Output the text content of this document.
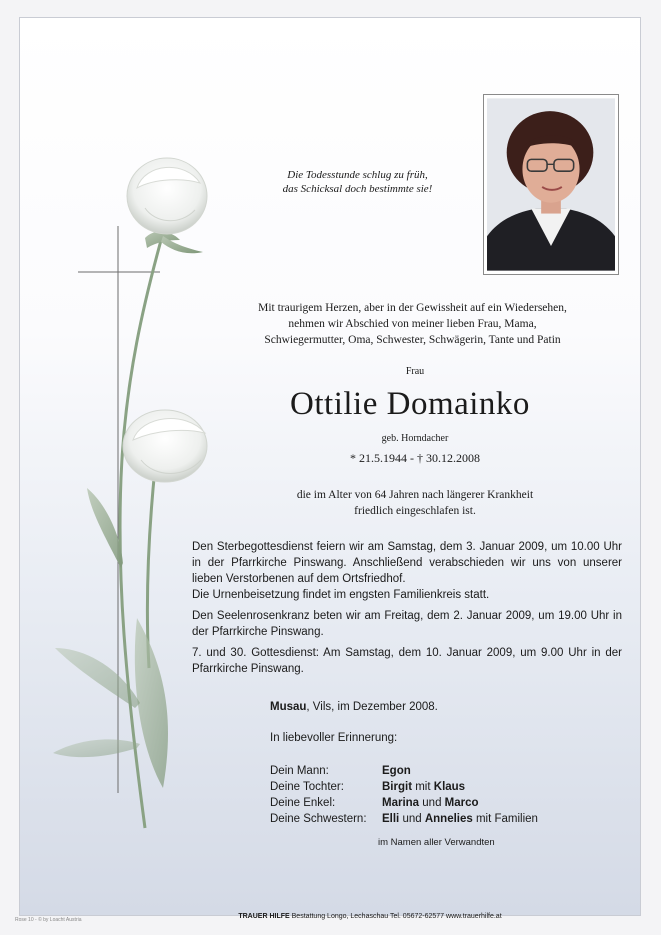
Die Todesstunde schlug zu früh,
das Schicksal doch bestimmte sie!
Mit traurigem Herzen, aber in der Gewissheit auf ein Wiedersehen,
nehmen wir Abschied von meiner lieben Frau, Mama,
Schwiegermutter, Oma, Schwester, Schwägerin, Tante und Patin
Frau
Ottilie Domainko
geb. Horndacher
* 21.5.1944 - † 30.12.2008
die im Alter von 64 Jahren nach längerer Krankheit
friedlich eingeschlafen ist.

Den Sterbegottesdienst feiern wir am Samstag, dem 3. Januar 2009, um 10.00 Uhr in der Pfarrkirche Pinswang. Anschließend verabschieden wir uns von unserer lieben Verstorbenen auf dem Ortsfriedhof.
Die Urnenbeisetzung findet im engsten Familienkreis statt.

Den Seelenrosenkranz beten wir am Freitag, dem 2. Januar 2009, um 19.00 Uhr in der Pfarrkirche Pinswang.

7. und 30. Gottesdienst: Am Samstag, dem 10. Januar 2009, um 9.00 Uhr in der Pfarrkirche Pinswang.

Musau, Vils, im Dezember 2008.
In liebevoller Erinnerung:
Dein Mann:	Egon
Deine Tochter:	Birgit mit Klaus
Deine Enkel:	Marina und Marco
Deine Schwestern:	Elli und Annelies mit Familien
im Namen aller Verwandten
TRAUER HILFE Bestattung Longo, Lechaschau Tel. 05672-62577 www.trauerhilfe.at
Rose 10 - © by Loacht Austria
